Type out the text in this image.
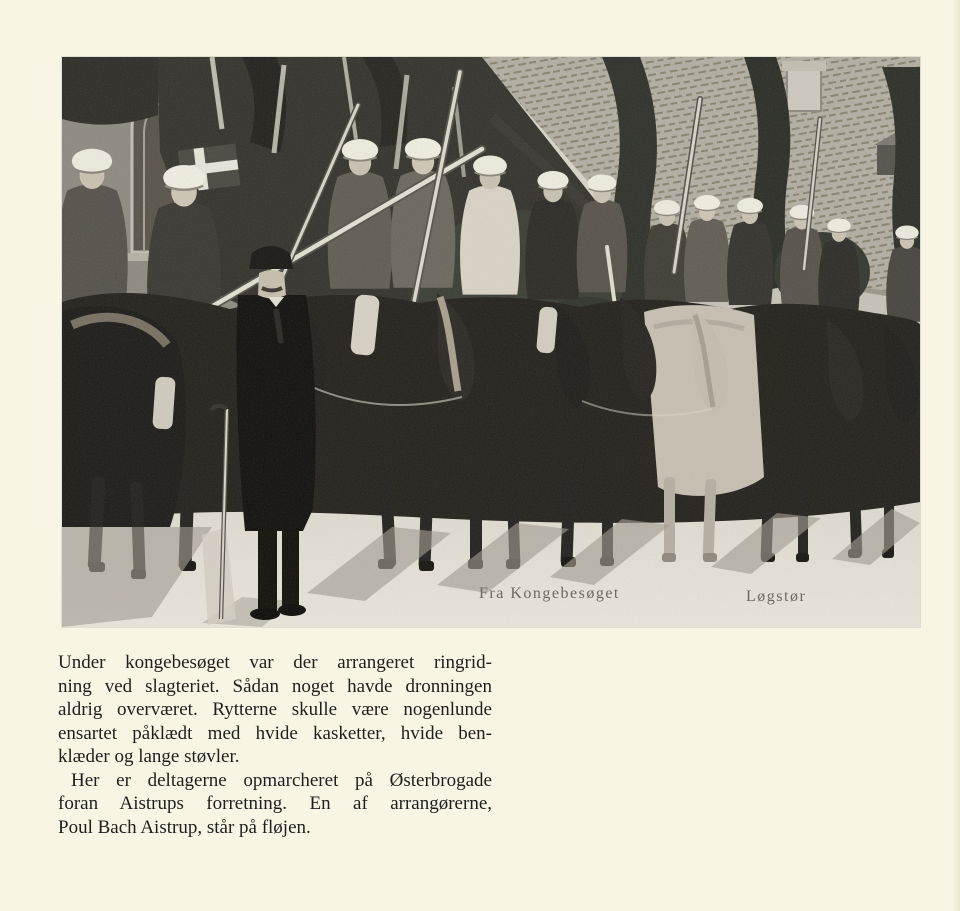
Fra Kongebesøget	Løgstør
Under kongebesøget var der arrangeret ringrid-
ning ved slagteriet. Sådan noget havde dronningen
aldrig overværet. Rytterne skulle være nogenlunde
ensartet påklædt med hvide kasketter, hvide ben-
klæder og lange støvler.
Her er deltagerne opmarcheret på Østerbrogade
foran Aistrups forretning. En af arrangørerne,
Poul Bach Aistrup, står på fløjen.
